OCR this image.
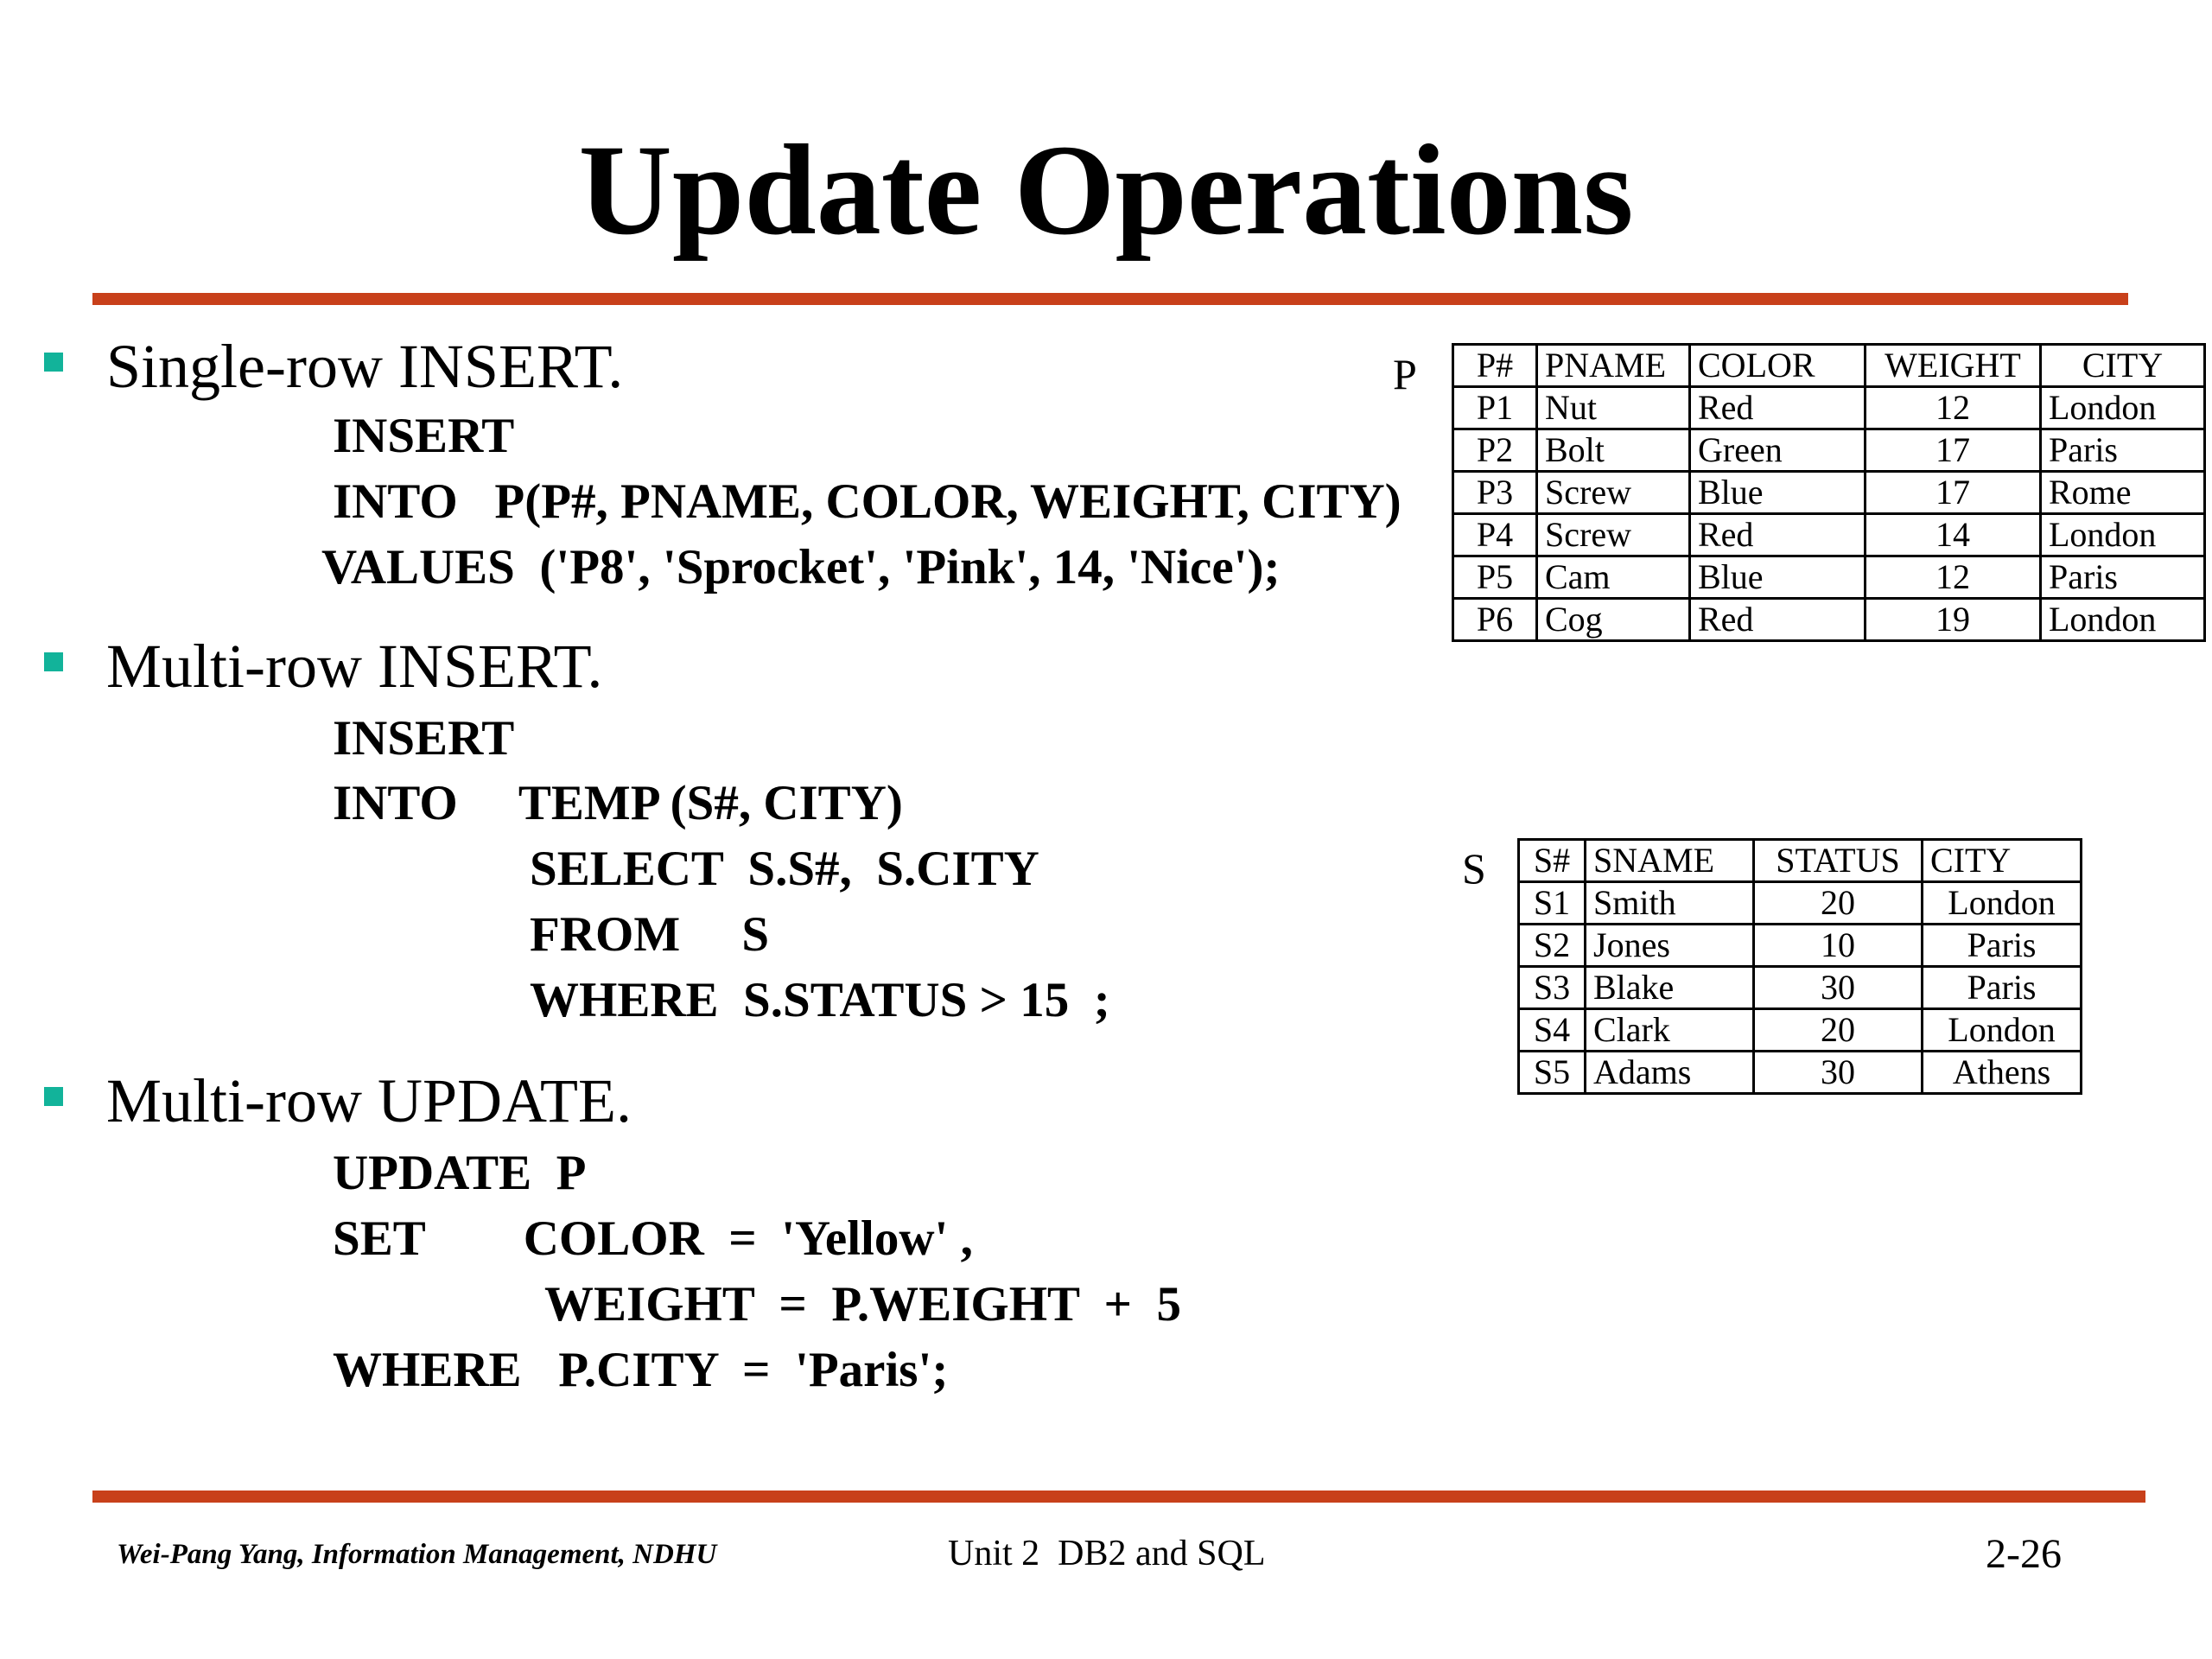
Update Operations
Single-row INSERT.
INSERT
INTO   P(P#, PNAME, COLOR, WEIGHT, CITY)
VALUES  ('P8', 'Sprocket', 'Pink', 14, 'Nice');
Multi-row INSERT.
INSERT
INTO     TEMP (S#, CITY)
SELECT  S.S#,  S.CITY
FROM     S
WHERE  S.STATUS > 15  ;
Multi-row UPDATE.
UPDATE  P
SET        COLOR  =  'Yellow' ,
WEIGHT  =  P.WEIGHT  +  5
WHERE   P.CITY  =  'Paris';
P P#	PNAME	COLOR	WEIGHT	CITY
P1	Nut	Red	12	London
P2	Bolt	Green	17	Paris
P3	Screw	Blue	17	Rome
P4	Screw	Red	14	London
P5	Cam	Blue	12	Paris
P6	Cog	Red	19	London
S S#	SNAME	STATUS	CITY
S1	Smith	20	London
S2	Jones	10	Paris
S3	Blake	30	Paris
S4	Clark	20	London
S5	Adams	30	Athens
Wei-Pang Yang, Information Management, NDHU	Unit 2  DB2 and SQL	2-26
